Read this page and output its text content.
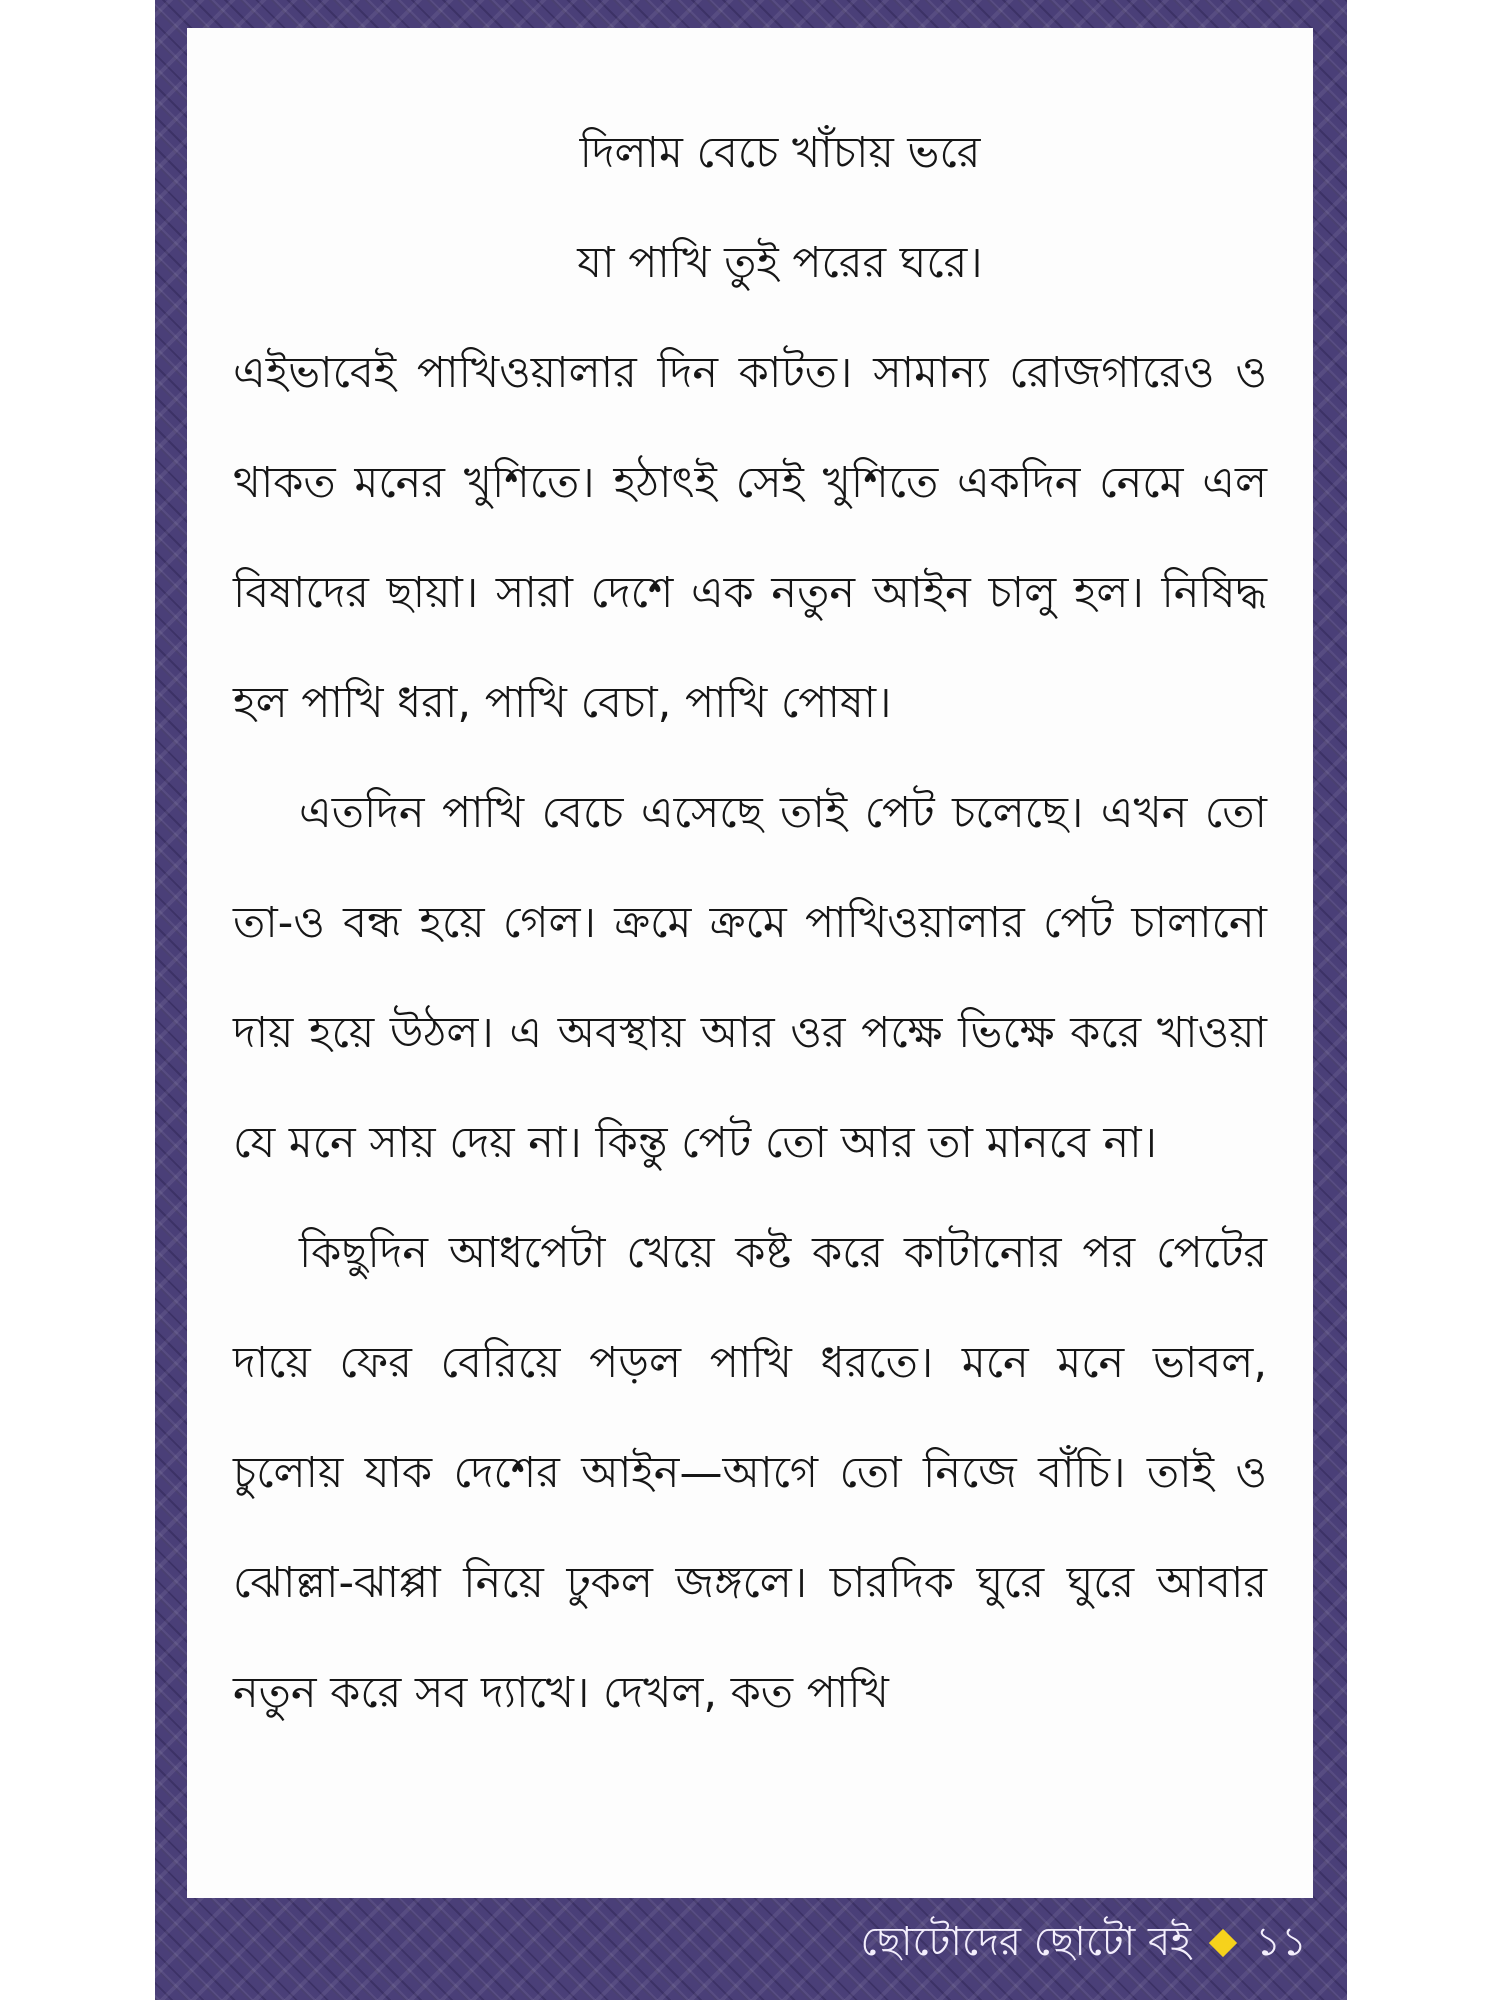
দিলাম বেচে খাঁচায় ভরে
যা পাখি তুই পরের ঘরে।

এইভাবেই পাখিওয়ালার দিন কাটত। সামান্য রোজগারেও ও থাকত মনের খুশিতে। হঠাৎই সেই খুশিতে একদিন নেমে এল বিষাদের ছায়া। সারা দেশে এক নতুন আইন চালু হল। নিষিদ্ধ হল পাখি ধরা, পাখি বেচা, পাখি পোষা।

এতদিন পাখি বেচে এসেছে তাই পেট চলেছে। এখন তো তা-ও বন্ধ হয়ে গেল। ক্রমে ক্রমে পাখিওয়ালার পেট চালানো দায় হয়ে উঠল। এ অবস্থায় আর ওর পক্ষে ভিক্ষে করে খাওয়া যে মনে সায় দেয় না। কিন্তু পেট তো আর তা মানবে না।

কিছুদিন আধপেটা খেয়ে কষ্ট করে কাটানোর পর পেটের দায়ে ফের বেরিয়ে পড়ল পাখি ধরতে। মনে মনে ভাবল, চুলোয় যাক দেশের আইন—আগে তো নিজে বাঁচি। তাই ও ঝোল্লা-ঝাপ্পা নিয়ে ঢুকল জঙ্গলে। চারদিক ঘুরে ঘুরে আবার নতুন করে সব দ্যাখে। দেখল, কত পাখি

ছোটোদের ছোটো বই ১১
